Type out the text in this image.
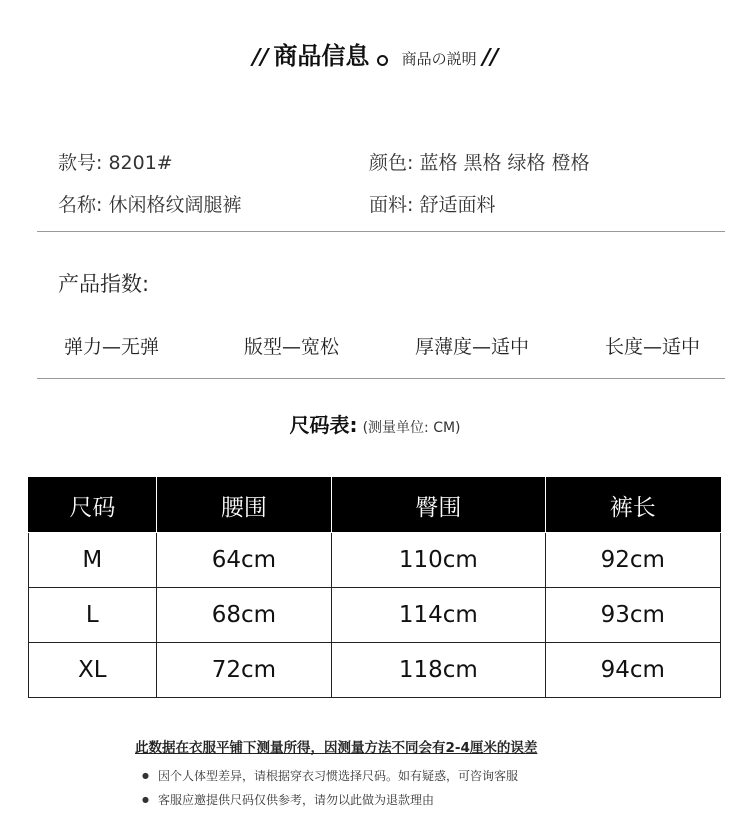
// 商品信息 商品の説明 //
款号: 8201#	颜色: 蓝格 黑格 绿格 橙格
名称: 休闲格纹阔腿裤	面料: 舒适面料
产品指数:
弹力—无弹	版型—宽松	厚薄度—适中	长度—适中
尺码表: (测量单位: CM)
尺码	腰围	臀围	裤长
M	64cm	110cm	92cm
L	68cm	114cm	93cm
XL	72cm	118cm	94cm
此数据在衣服平铺下测量所得，因测量方法不同会有2-4厘米的误差
● 因个人体型差异，请根据穿衣习惯选择尺码。如有疑惑，可咨询客服
● 客服应邀提供尺码仅供参考，请勿以此做为退款理由
